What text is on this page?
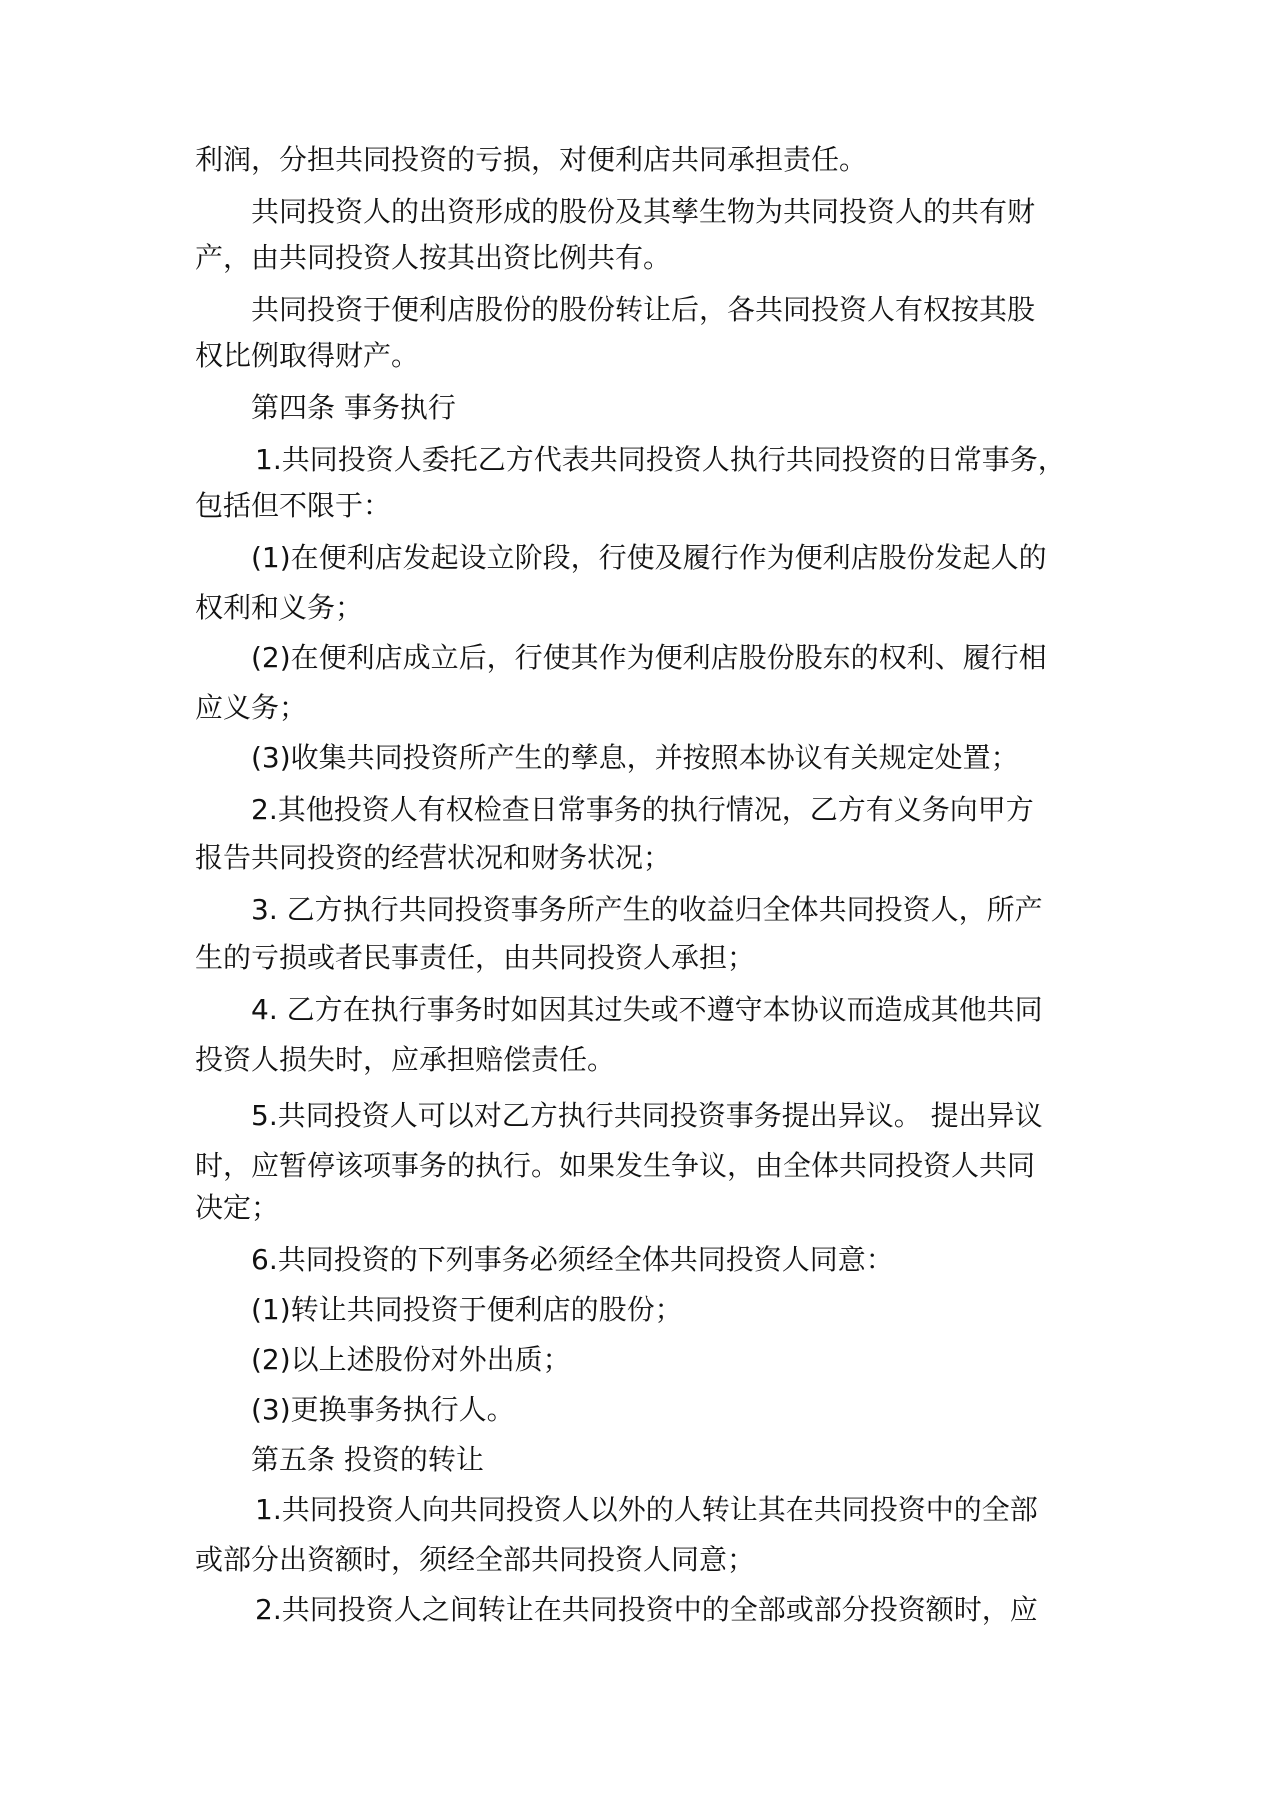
利润，分担共同投资的亏损，对便利店共同承担责任。
共同投资人的出资形成的股份及其孳生物为共同投资人的共有财
产，由共同投资人按其出资比例共有。
共同投资于便利店股份的股份转让后，各共同投资人有权按其股
权比例取得财产。
第四条 事务执行
1.共同投资人委托乙方代表共同投资人执行共同投资的日常事务，
包括但不限于：
(1)在便利店发起设立阶段，行使及履行作为便利店股份发起人的
权利和义务；
(2)在便利店成立后，行使其作为便利店股份股东的权利、履行相
应义务；
(3)收集共同投资所产生的孳息，并按照本协议有关规定处置；
2.其他投资人有权检查日常事务的执行情况，乙方有义务向甲方
报告共同投资的经营状况和财务状况；
3. 乙方执行共同投资事务所产生的收益归全体共同投资人，所产
生的亏损或者民事责任，由共同投资人承担；
4. 乙方在执行事务时如因其过失或不遵守本协议而造成其他共同
投资人损失时，应承担赔偿责任。
5.共同投资人可以对乙方执行共同投资事务提出异议。 提出异议
时，应暂停该项事务的执行。如果发生争议，由全体共同投资人共同
决定；
6.共同投资的下列事务必须经全体共同投资人同意：
(1)转让共同投资于便利店的股份；
(2)以上述股份对外出质；
(3)更换事务执行人。
第五条 投资的转让
1.共同投资人向共同投资人以外的人转让其在共同投资中的全部
或部分出资额时，须经全部共同投资人同意；
2.共同投资人之间转让在共同投资中的全部或部分投资额时，应
